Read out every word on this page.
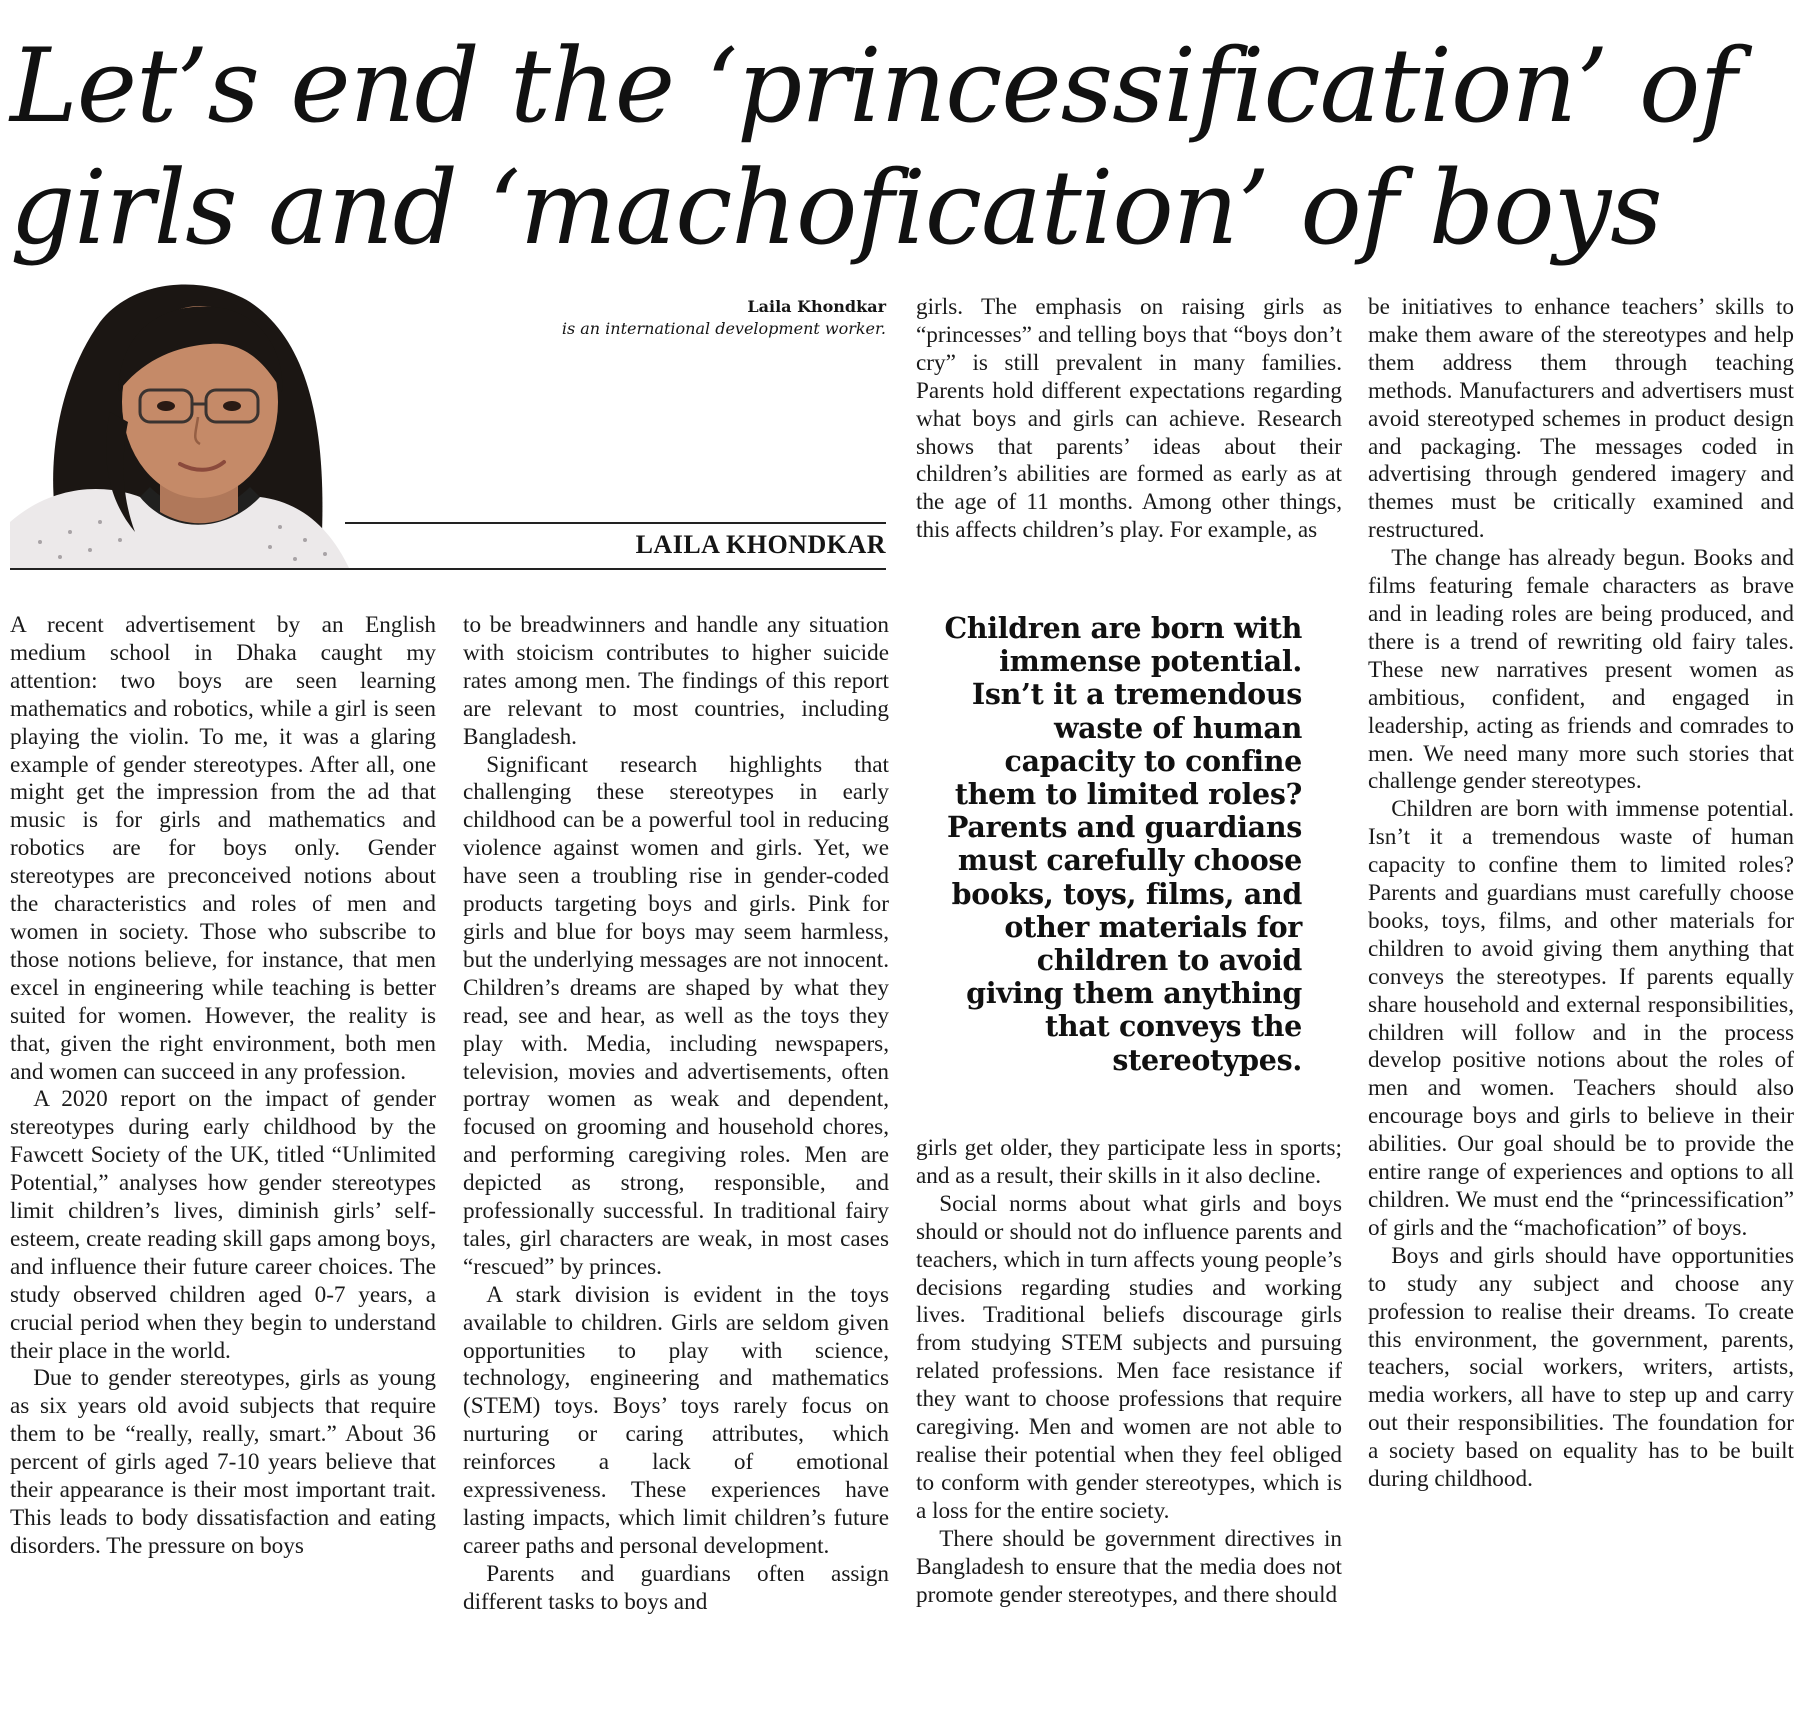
Let’s end the ‘princessification’ of
girls and ‘machofication’ of boys
Laila Khondkar
is an international development worker.
LAILA KHONDKAR

A recent advertisement by an English medium school in Dhaka caught my attention: two boys are seen learning mathematics and robotics, while a girl is seen playing the violin. To me, it was a glaring example of gender stereotypes. After all, one might get the impression from the ad that music is for girls and mathematics and robotics are for boys only. Gender stereotypes are preconceived notions about the characteristics and roles of men and women in society. Those who subscribe to those notions believe, for instance, that men excel in engineering while teaching is better suited for women. However, the reality is that, given the right environment, both men and women can succeed in any profession.

A 2020 report on the impact of gender stereotypes during early childhood by the Fawcett Society of the UK, titled “Unlimited Potential,” analyses how gender stereotypes limit children’s lives, diminish girls’ self-esteem, create reading skill gaps among boys, and influence their future career choices. The study observed children aged 0-7 years, a crucial period when they begin to understand their place in the world.

Due to gender stereotypes, girls as young as six years old avoid subjects that require them to be “really, really, smart.” About 36 percent of girls aged 7-10 years believe that their appearance is their most important trait. This leads to body dissatisfaction and eating disorders. The pressure on boys

to be breadwinners and handle any situation with stoicism contributes to higher suicide rates among men. The findings of this report are relevant to most countries, including Bangladesh.

Significant research highlights that challenging these stereotypes in early childhood can be a powerful tool in reducing violence against women and girls. Yet, we have seen a troubling rise in gender-coded products targeting boys and girls. Pink for girls and blue for boys may seem harmless, but the underlying messages are not innocent. Children’s dreams are shaped by what they read, see and hear, as well as the toys they play with. Media, including newspapers, television, movies and advertisements, often portray women as weak and dependent, focused on grooming and household chores, and performing caregiving roles. Men are depicted as strong, responsible, and professionally successful. In traditional fairy tales, girl characters are weak, in most cases “rescued” by princes.

A stark division is evident in the toys available to children. Girls are seldom given opportunities to play with science, technology, engineering and mathematics (STEM) toys. Boys’ toys rarely focus on nurturing or caring attributes, which reinforces a lack of emotional expressiveness. These experiences have lasting impacts, which limit children’s future career paths and personal development.

Parents and guardians often assign different tasks to boys and

girls. The emphasis on raising girls as “princesses” and telling boys that “boys don’t cry” is still prevalent in many families. Parents hold different expectations regarding what boys and girls can achieve. Research shows that parents’ ideas about their children’s abilities are formed as early as at the age of 11 months. Among other things, this affects children’s play. For example, as

Children are born with immense potential. Isn’t it a tremendous waste of human capacity to confine them to limited roles? Parents and guardians must carefully choose books, toys, films, and other materials for children to avoid giving them anything that conveys the stereotypes.

girls get older, they participate less in sports; and as a result, their skills in it also decline.

Social norms about what girls and boys should or should not do influence parents and teachers, which in turn affects young people’s decisions regarding studies and working lives. Traditional beliefs discourage girls from studying STEM subjects and pursuing related professions. Men face resistance if they want to choose professions that require caregiving. Men and women are not able to realise their potential when they feel obliged to conform with gender stereotypes, which is a loss for the entire society.

There should be government directives in Bangladesh to ensure that the media does not promote gender stereotypes, and there should

be initiatives to enhance teachers’ skills to make them aware of the stereotypes and help them address them through teaching methods. Manufacturers and advertisers must avoid stereotyped schemes in product design and packaging. The messages coded in advertising through gendered imagery and themes must be critically examined and restructured.

The change has already begun. Books and films featuring female characters as brave and in leading roles are being produced, and there is a trend of rewriting old fairy tales. These new narratives present women as ambitious, confident, and engaged in leadership, acting as friends and comrades to men. We need many more such stories that challenge gender stereotypes.

Children are born with immense potential. Isn’t it a tremendous waste of human capacity to confine them to limited roles? Parents and guardians must carefully choose books, toys, films, and other materials for children to avoid giving them anything that conveys the stereotypes. If parents equally share household and external responsibilities, children will follow and in the process develop positive notions about the roles of men and women. Teachers should also encourage boys and girls to believe in their abilities. Our goal should be to provide the entire range of experiences and options to all children. We must end the “princessification” of girls and the “machofication” of boys.

Boys and girls should have opportunities to study any subject and choose any profession to realise their dreams. To create this environment, the government, parents, teachers, social workers, writers, artists, media workers, all have to step up and carry out their responsibilities. The foundation for a society based on equality has to be built during childhood.
